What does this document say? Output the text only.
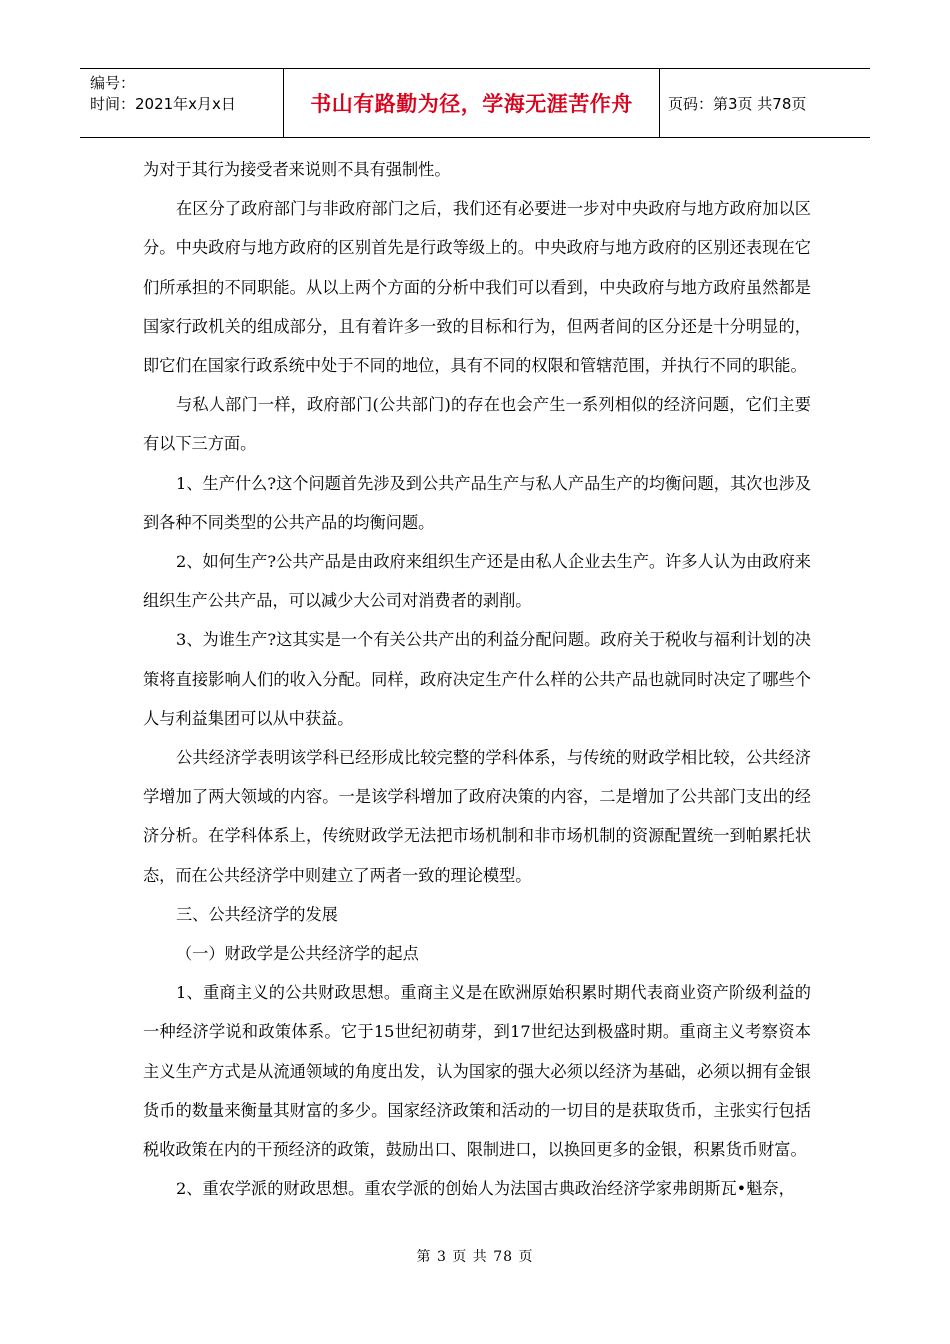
编号：
时间：2021年x月x日	书山有路勤为径，学海无涯苦作舟 页码：第3页 共78页

为对于其行为接受者来说则不具有强制性。

在区分了政府部门与非政府部门之后，我们还有必要进一步对中央政府与地方政府加以区分。中央政府与地方政府的区别首先是行政等级上的。中央政府与地方政府的区别还表现在它们所承担的不同职能。从以上两个方面的分析中我们可以看到，中央政府与地方政府虽然都是国家行政机关的组成部分，且有着许多一致的目标和行为，但两者间的区分还是十分明显的，即它们在国家行政系统中处于不同的地位，具有不同的权限和管辖范围，并执行不同的职能。

与私人部门一样，政府部门(公共部门)的存在也会产生一系列相似的经济问题，它们主要有以下三方面。

1、生产什么?这个问题首先涉及到公共产品生产与私人产品生产的均衡问题，其次也涉及到各种不同类型的公共产品的均衡问题。

2、如何生产?公共产品是由政府来组织生产还是由私人企业去生产。许多人认为由政府来组织生产公共产品，可以减少大公司对消费者的剥削。

3、为谁生产?这其实是一个有关公共产出的利益分配问题。政府关于税收与福利计划的决策将直接影响人们的收入分配。同样，政府决定生产什么样的公共产品也就同时决定了哪些个人与利益集团可以从中获益。

公共经济学表明该学科已经形成比较完整的学科体系，与传统的财政学相比较，公共经济学增加了两大领域的内容。一是该学科增加了政府决策的内容，二是增加了公共部门支出的经济分析。在学科体系上，传统财政学无法把市场机制和非市场机制的资源配置统一到帕累托状态，而在公共经济学中则建立了两者一致的理论模型。

三、公共经济学的发展

（一）财政学是公共经济学的起点

1、重商主义的公共财政思想。重商主义是在欧洲原始积累时期代表商业资产阶级利益的一种经济学说和政策体系。它于15世纪初萌芽，到17世纪达到极盛时期。重商主义考察资本主义生产方式是从流通领域的角度出发，认为国家的强大必须以经济为基础，必须以拥有金银货币的数量来衡量其财富的多少。国家经济政策和活动的一切目的是获取货币，主张实行包括税收政策在内的干预经济的政策，鼓励出口、限制进口，以换回更多的金银，积累货币财富。

2、重农学派的财政思想。重农学派的创始人为法国古典政治经济学家弗朗斯瓦•魁奈，

第 3 页 共 78 页
